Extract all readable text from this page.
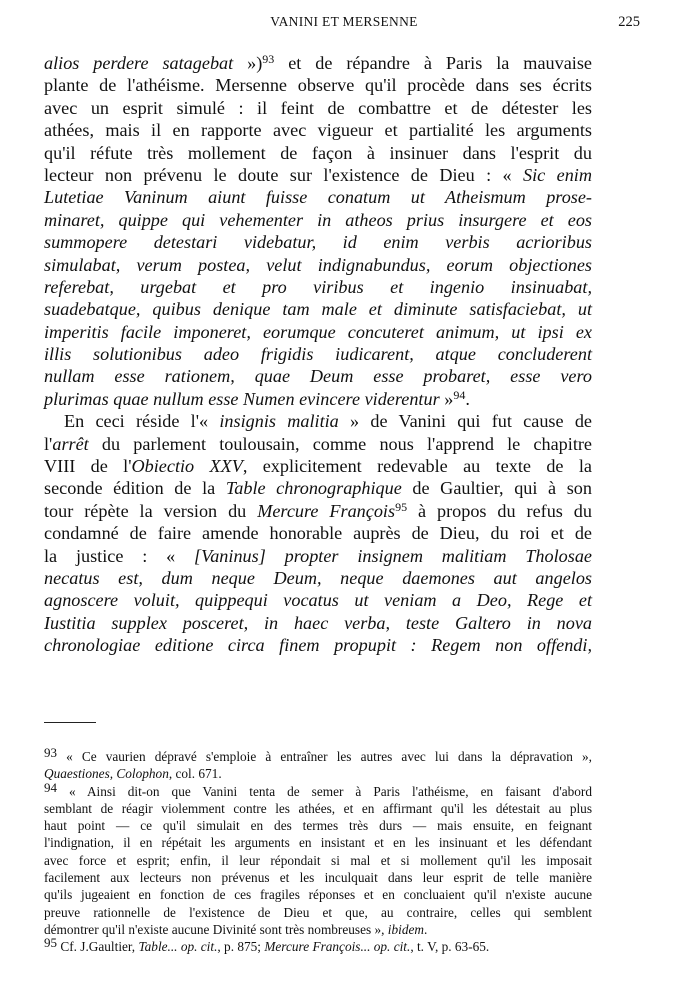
VANINI ET MERSENNE	225
alios perdere satagebat »)$^{93}$ et de répandre à Paris la mauvaise
plante de l'athéisme. Mersenne observe qu'il procède dans ses écrits
avec un esprit simulé : il feint de combattre et de détester les
athées, mais il en rapporte avec vigueur et partialité les arguments
qu'il réfute très mollement de façon à insinuer dans l'esprit du
lecteur non prévenu le doute sur l'existence de Dieu : « Sic enim
Lutetiae Vaninum aiunt fuisse conatum ut Atheismum prose-
minaret, quippe qui vehementer in atheos prius insurgere et eos
summopere detestari videbatur, id enim verbis acrioribus
simulabat, verum postea, velut indignabundus, eorum objectiones
referebat, urgebat et pro viribus et ingenio insinuabat,
suadebatque, quibus denique tam male et diminute satisfaciebat, ut
imperitis facile imponeret, eorumque concuteret animum, ut ipsi ex
illis solutionibus adeo frigidis iudicarent, atque concluderent
nullam esse rationem, quae Deum esse probaret, esse vero
plurimas quae nullum esse Numen evincere viderentur »$^{94}$.
En ceci réside l'« insignis malitia » de Vanini qui fut cause de
l'arrêt du parlement toulousain, comme nous l'apprend le chapitre
VIII de l'Obiectio XXV, explicitement redevable au texte de la
seconde édition de la Table chronographique de Gaultier, qui à son
tour répète la version du Mercure François$^{95}$ à propos du refus du
condamné de faire amende honorable auprès de Dieu, du roi et de
la justice : « [Vaninus] propter insignem malitiam Tholosae
necatus est, dum neque Deum, neque daemones aut angelos
agnoscere voluit, quippequi vocatus ut veniam a Deo, Rege et
Iustitia supplex posceret, in haec verba, teste Galtero in nova
chronologiae editione circa finem propupit : Regem non offendi,
93 « Ce vaurien dépravé s'emploie à entraîner les autres avec lui dans la dépravation »,
Quaestiones, Colophon, col. 671.
94 « Ainsi dit-on que Vanini tenta de semer à Paris l'athéisme, en faisant d'abord
semblant de réagir violemment contre les athées, et en affirmant qu'il les détestait au plus
haut point — ce qu'il simulait en des termes très durs — mais ensuite, en feignant
l'indignation, il en répétait les arguments en insistant et en les insinuant et les défendant
avec force et esprit; enfin, il leur répondait si mal et si mollement qu'il les imposait
facilement aux lecteurs non prévenus et les inculquait dans leur esprit de telle manière
qu'ils jugeaient en fonction de ces fragiles réponses et en concluaient qu'il n'existe aucune
preuve rationnelle de l'existence de Dieu et que, au contraire, celles qui semblent
démontrer qu'il n'existe aucune Divinité sont très nombreuses », ibidem.
95 Cf. J.Gaultier, Table... op. cit., p. 875; Mercure François... op. cit., t. V, p. 63-65.
